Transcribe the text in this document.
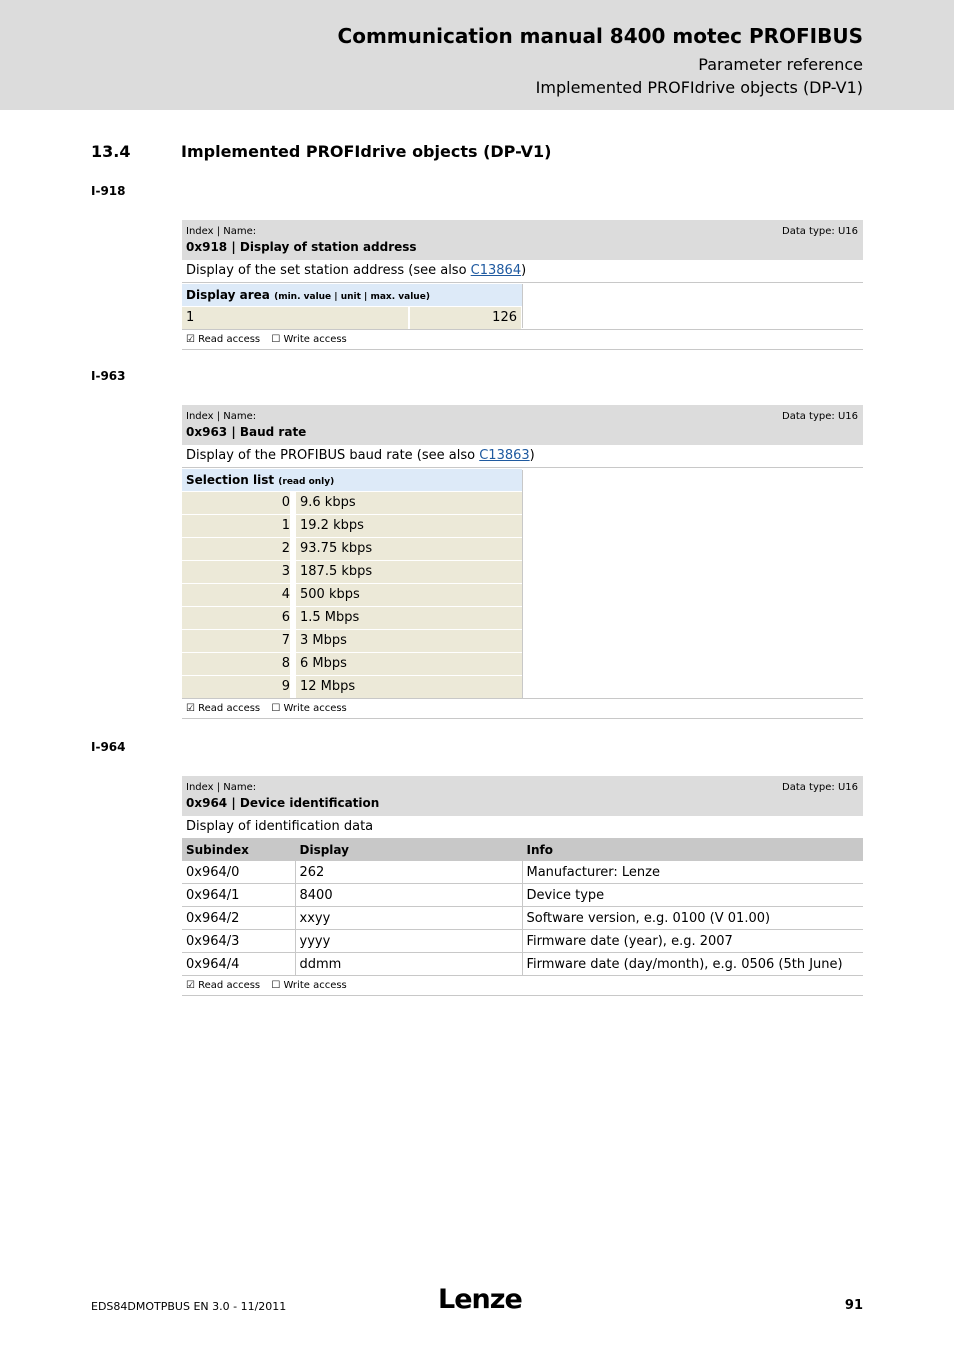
Communication manual 8400 motec PROFIBUS
Parameter reference
Implemented PROFIdrive objects (DP-V1)
13.4	Implemented PROFIdrive objects (DP-V1)
I-918
Index | Name:	Data type: U16
0x918 | Display of station address
Display of the set station address (see also C13864)
Display area (min. value | unit | max. value)
1	126
☑ Read access ☐ Write access
I-963
Index | Name:	Data type: U16
0x963 | Baud rate
Display of the PROFIBUS baud rate (see also C13863)
Selection list (read only)
0 9.6 kbps
1 19.2 kbps
2 93.75 kbps
3 187.5 kbps
4 500 kbps
6 1.5 Mbps
7 3 Mbps
8 6 Mbps
9 12 Mbps
☑ Read access ☐ Write access
I-964
Index | Name:	Data type: U16
0x964 | Device identification
Display of identification data
Subindex	Display	Info
0x964/0	262	Manufacturer: Lenze
0x964/1	8400	Device type
0x964/2	xxyy	Software version, e.g. 0100 (V 01.00)
0x964/3	yyyy	Firmware date (year), e.g. 2007
0x964/4	ddmm	Firmware date (day/month), e.g. 0506 (5th June)
☑ Read access ☐ Write access
EDS84DMOTPBUS EN 3.0 - 11/2011	Lenze	91
